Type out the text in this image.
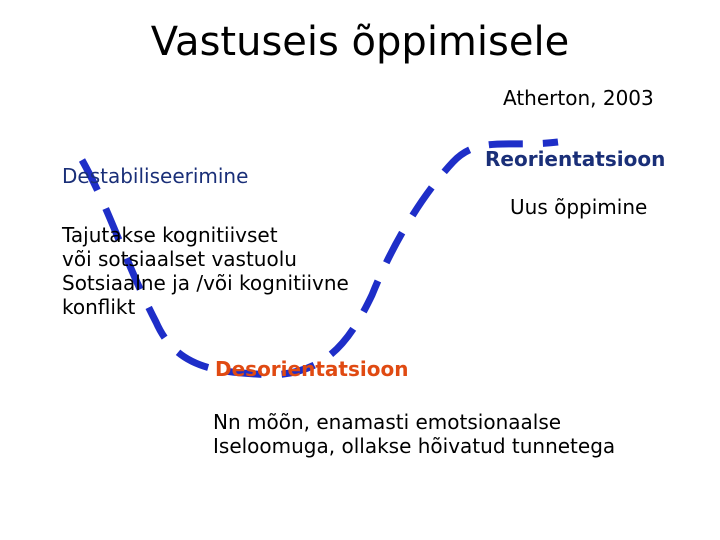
Vastuseis õppimisele
Atherton, 2003
Destabiliseerimine
Tajutakse kognitiivset
või sotsiaalset vastuolu
Sotsiaalne ja /või kognitiivne
konflikt
Reorientatsioon
Uus õppimine
Desorientatsioon
Nn mõõn, enamasti emotsionaalse
Iseloomuga, ollakse hõivatud tunnetega
